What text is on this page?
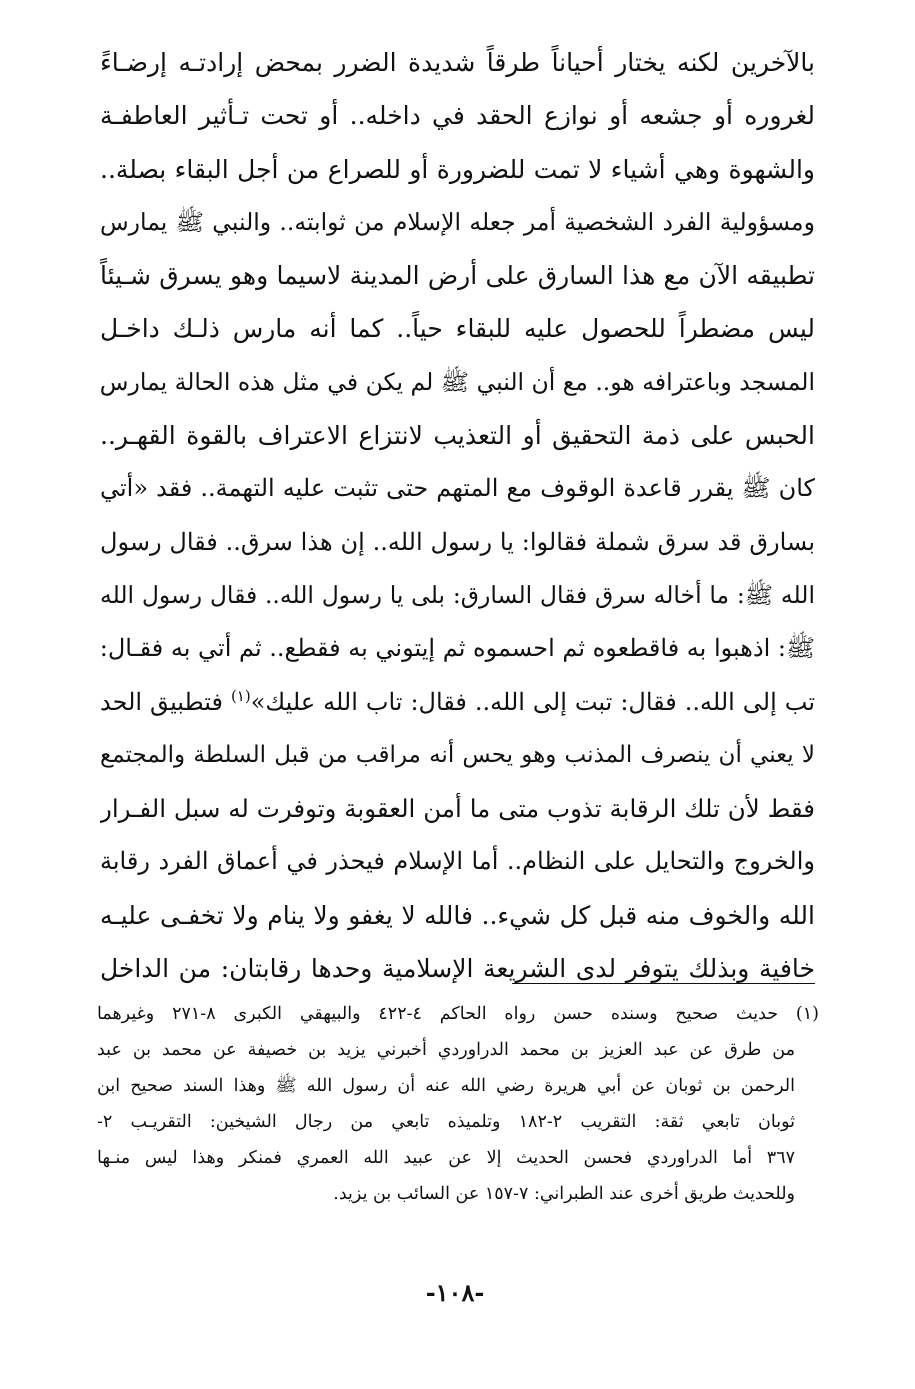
بالآخرين لكنه يختار أحياناً طرقاً شديدة الضرر بمحض إرادتـه إرضـاءً
لغروره أو جشعه أو نوازع الحقد في داخله.. أو تحت تـأثير العاطفـة
والشهوة وهي أشياء لا تمت للضرورة أو للصراع من أجل البقاء بصلة..
ومسؤولية الفرد الشخصية أمر جعله الإسلام من ثوابته.. والنبي ﷺ يمارس
تطبيقه الآن مع هذا السارق على أرض المدينة لاسيما وهو يسرق شـيئاً
ليس مضطراً للحصول عليه للبقاء حياً.. كما أنه مارس ذلـك داخـل
المسجد وباعترافه هو.. مع أن النبي ﷺ لم يكن في مثل هذه الحالة يمارس
الحبس على ذمة التحقيق أو التعذيب لانتزاع الاعتراف بالقوة القهـر..
كان ﷺ يقرر قاعدة الوقوف مع المتهم حتى تثبت عليه التهمة.. فقد «أتي
بسارق قد سرق شملة فقالوا: يا رسول الله.. إن هذا سرق.. فقال رسول
الله ﷺ: ما أخاله سرق فقال السارق: بلى يا رسول الله.. فقال رسول الله
ﷺ: اذهبوا به فاقطعوه ثم احسموه ثم إيتوني به فقطع.. ثم أتي به فقـال:
تب إلى الله.. فقال: تبت إلى الله.. فقال: تاب الله عليك»$^{(١)}$ فتطبيق الحد
لا يعني أن ينصرف المذنب وهو يحس أنه مراقب من قبل السلطة والمجتمع
فقط لأن تلك الرقابة تذوب متى ما أمن العقوبة وتوفرت له سبل الفـرار
والخروج والتحايل على النظام.. أما الإسلام فيحذر في أعماق الفرد رقابة
الله والخوف منه قبل كل شيء.. فالله لا يغفو ولا ينام ولا تخفـى عليـه
خافية وبذلك يتوفر لدى الشريعة الإسلامية وحدها رقابتان: من الداخل
(١) حديث صحيح وسنده حسن رواه الحاكم ٤-٤٢٢ والبيهقي الكبرى ٨-٢٧١ وغيرهما
من طرق عن عبد العزيز بن محمد الدراوردي أخبرني يزيد بن خصيفة عن محمد بن عبد
الرحمن بن ثوبان عن أبي هريرة رضي الله عنه أن رسول الله ﷺ وهذا السند صحيح ابن
ثوبان تابعي ثقة: التقريب ٢-١٨٢ وتلميذه تابعي من رجال الشيخين: التقريـب ٢-
٣٦٧ أما الدراوردي فحسن الحديث إلا عن عبيد الله العمري فمنكر وهذا ليس منـها
وللحديث طريق أخرى عند الطبراني: ٧-١٥٧ عن السائب بن يزيد.
-١٠٨-
